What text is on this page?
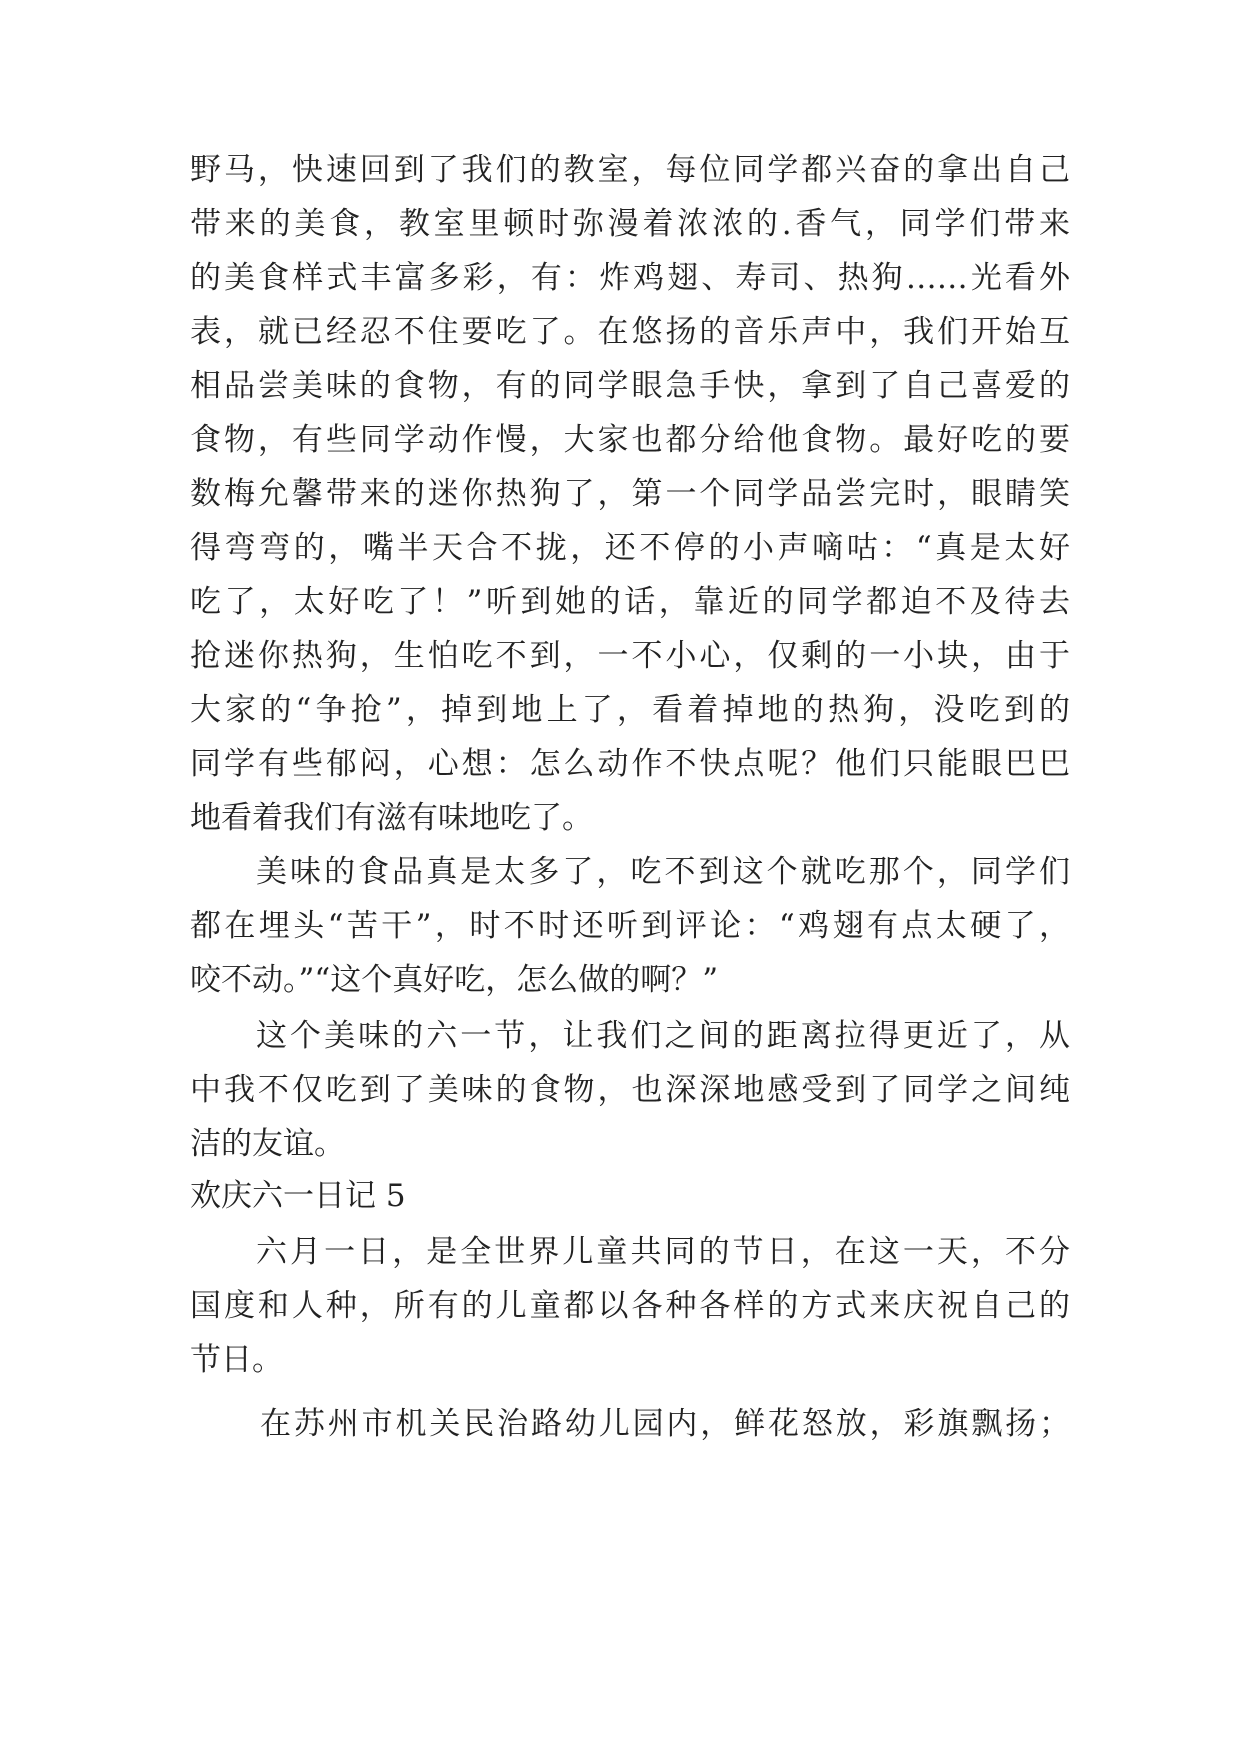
野马，快速回到了我们的教室，每位同学都兴奋的拿出自己
带来的美食，教室里顿时弥漫着浓浓的.香气，同学们带来
的美食样式丰富多彩，有：炸鸡翅、寿司、热狗……光看外
表，就已经忍不住要吃了。在悠扬的音乐声中，我们开始互
相品尝美味的食物，有的同学眼急手快，拿到了自己喜爱的
食物，有些同学动作慢，大家也都分给他食物。最好吃的要
数梅允馨带来的迷你热狗了，第一个同学品尝完时，眼睛笑
得弯弯的，嘴半天合不拢，还不停的小声嘀咕：“真是太好
吃了，太好吃了！”听到她的话，靠近的同学都迫不及待去
抢迷你热狗，生怕吃不到，一不小心，仅剩的一小块，由于
大家的“争抢”，掉到地上了，看着掉地的热狗，没吃到的
同学有些郁闷，心想：怎么动作不快点呢？他们只能眼巴巴
地看着我们有滋有味地吃了。
美味的食品真是太多了，吃不到这个就吃那个，同学们
都在埋头“苦干”，时不时还听到评论：“鸡翅有点太硬了，
咬不动。”“这个真好吃，怎么做的啊？”
这个美味的六一节，让我们之间的距离拉得更近了，从
中我不仅吃到了美味的食物，也深深地感受到了同学之间纯
洁的友谊。
欢庆六一日记 5
六月一日，是全世界儿童共同的节日，在这一天，不分
国度和人种，所有的儿童都以各种各样的方式来庆祝自己的
节日。
在苏州市机关民治路幼儿园内，鲜花怒放，彩旗飘扬；
